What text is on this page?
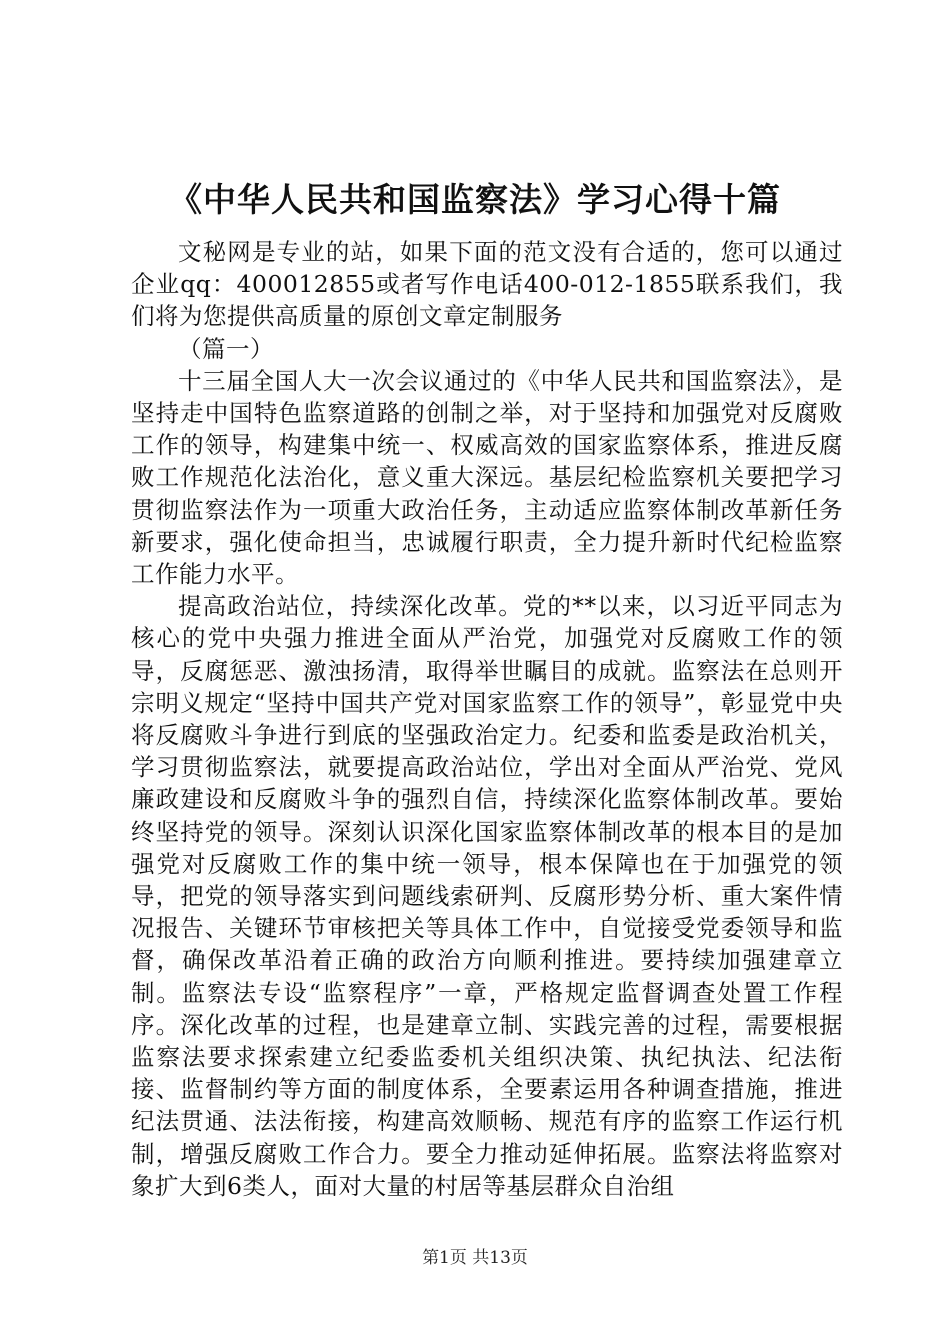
《中华人民共和国监察法》学习心得十篇

文秘网是专业的站，如果下面的范文没有合适的，您可以通过企业qq：400012855或者写作电话400-012-1855联系我们，我们将为您提供高质量的原创文章定制服务

（篇一）

十三届全国人大一次会议通过的《中华人民共和国监察法》，是坚持走中国特色监察道路的创制之举，对于坚持和加强党对反腐败工作的领导，构建集中统一、权威高效的国家监察体系，推进反腐败工作规范化法治化，意义重大深远。基层纪检监察机关要把学习贯彻监察法作为一项重大政治任务，主动适应监察体制改革新任务新要求，强化使命担当，忠诚履行职责，全力提升新时代纪检监察工作能力水平。

提高政治站位，持续深化改革。党的**以来，以习近平同志为核心的党中央强力推进全面从严治党，加强党对反腐败工作的领导，反腐惩恶、激浊扬清，取得举世瞩目的成就。监察法在总则开宗明义规定“坚持中国共产党对国家监察工作的领导”，彰显党中央将反腐败斗争进行到底的坚强政治定力。纪委和监委是政治机关，学习贯彻监察法，就要提高政治站位，学出对全面从严治党、党风廉政建设和反腐败斗争的强烈自信，持续深化监察体制改革。要始终坚持党的领导。深刻认识深化国家监察体制改革的根本目的是加强党对反腐败工作的集中统一领导，根本保障也在于加强党的领导，把党的领导落实到问题线索研判、反腐形势分析、重大案件情况报告、关键环节审核把关等具体工作中，自觉接受党委领导和监督，确保改革沿着正确的政治方向顺利推进。要持续加强建章立制。监察法专设“监察程序”一章，严格规定监督调查处置工作程序。深化改革的过程，也是建章立制、实践完善的过程，需要根据监察法要求探索建立纪委监委机关组织决策、执纪执法、纪法衔接、监督制约等方面的制度体系，全要素运用各种调查措施，推进纪法贯通、法法衔接，构建高效顺畅、规范有序的监察工作运行机制，增强反腐败工作合力。要全力推动延伸拓展。监察法将监察对象扩大到6类人，面对大量的村居等基层群众自治组

第1页 共13页
